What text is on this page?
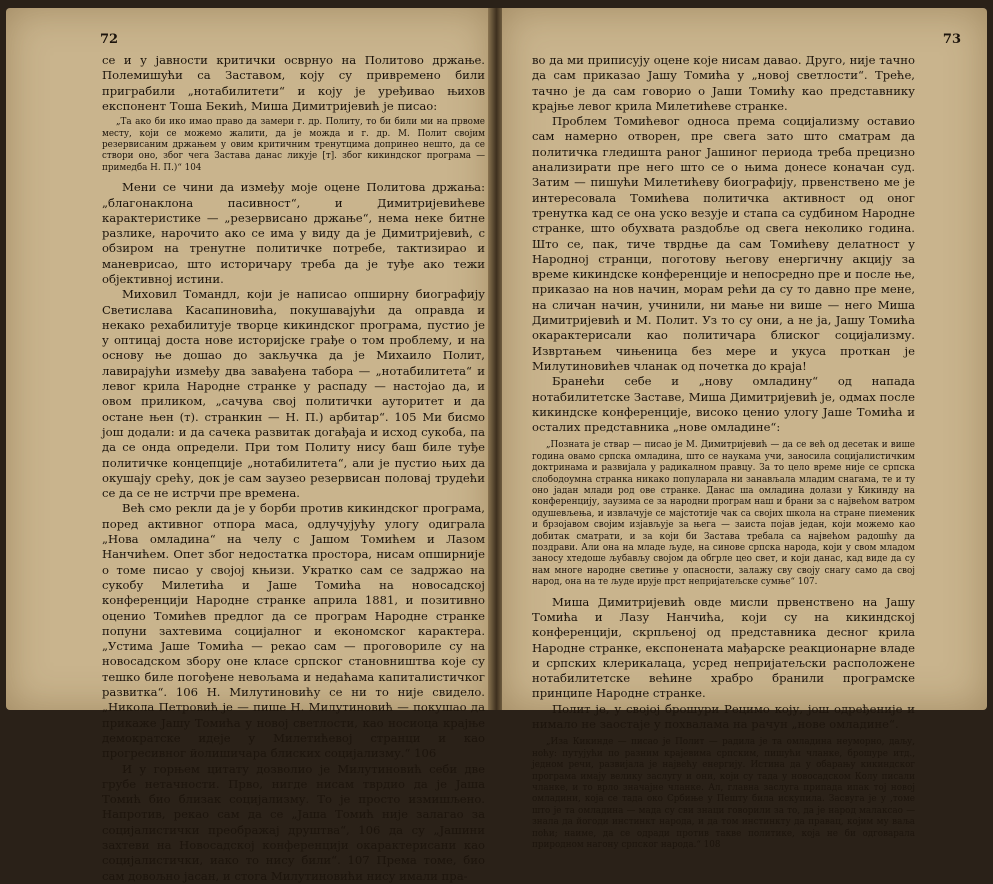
72

се и у јавности критички осврнуо на Политово држање. Полемишући са Заставом, коју су привремено били пригрaбили „нотабилитети“ и коју је уређивао њихов експонент Тоша Бекић, Миша Димитријевић је писао:

„Та ако би ико имао право да замери г. др. Политу, то би били ми на првоме месту, који се можемо жалити, да је можда и г. др. М. Полит својим резервисаним држањем у овим критичним тренутцима допринео нешто, да се створи оно, због чега Застава данас ликује [т]. због кикиндског програма — примедба Н. П.)“ 104

Мени се чини да између моје оцене Политова држања: „благонаклона пасивност“, и Димитријевићеве карактеристике — „резервисано држање“, нема неке битне разлике, нарочито ако се има у виду да је Димитријевић, с обзиром на тренутне политичке потребе, тактизирао и маневрисао, што историчару треба да је туђе ако тежи објективној истини.

Миховил Томандл, који је написао опширну биографију Светислава Касапиновића, покушавајући да оправда и некако рехабилитује творце кикиндског програма, пустио је у оптицај доста нове историјске грађе о том проблему, и на основу ње дошао до закључка да је Михаило Полит, лавирајући између два завађена табора — „нотабилитета“ и левог крила Народне странке у распаду — настојао да, и овом приликом, „сачува свој политички ауторитет и да остане њен (т). странкин — Н. П.) арбитар“. 105 Ми бисмо још додали: и да сачека развитак догађаја и исход сукоба, па да се онда определи. При том Политу нису баш биле туђе политичке концепције „нотабилитета“, али је пустио њих да окушају срећу, док је сам заузео резервисан половај трудећи се да се не истрчи пре времена.

Већ смо рекли да је у борби против кикиндског програма, поред активног отпора маса, одлучујућу улогу одиграла „Нова омладина“ на челу с Јашом Томићем и Лазом Нанчићем. Опет због недостатка простора, нисам опширније о томе писао у својој књизи. Укратко сам се задржао на сукобу Милетића и Јаше Томића на новосадској конференцији Народне странке априла 1881, и позитивно оценио Томићев предлог да се програм Народне странке попуни захтевима социјалног и економског карактера. „Устима Јаше Томића — рекао сам — проговориле су на новосадском збору оне класе српског становништва које су тешко биле погођене невољама и недаћама капиталистичког развитка“. 106 Н. Милутиновићу се ни то није свидело. „Никола Петровић је — пише Н. Милутиновић — покушао да прикаже Јашу Томића у новој светлости, као носиоца крајње демократске идеје у Милетићевој странци и као прогресивног йолишичара блиских социјализму.“ 106

И у горњем цитату дозволио је Милутиновић себи две грубе нетачности. Прво, нигде нисам тврдио да је Јаша Томић био близак социјализму. То је просто измишљено. Напротив, рекао сам да се „Јаша Томић није залагао за социјалистички преображај друштва“, 106 да су „Јашини захтеви на Новосадској конференцији окарактерисани као социјалистички, иако то нису били“. 107 Према томе, био сам довољно јасан, и стога Милутиновићи нису имали пра-

73

во да ми приписују оцене које нисам давао. Друго, није тачно да сам приказао Јашу Томића у „новој светлости“. Треће, тачно је да сам говорио о Јаши Томићу као представнику крајње левог крила Милетићеве странке.

Проблем Томићевог односа према социјализму оставио сам намерно отворен, пре свега зато што сматрам да политичка гледишта раног Јашиног периода треба прецизно анализирати пре него што се о њима донесе коначан суд. Затим — пишући Милетићеву биографију, првенствено ме је интересовала Томићева политичка активност од оног тренутка кад се она уско везује и стапа са судбином Народне странке, што обухвата раздобље од свега неколико година. Што се, пак, тиче тврдње да сам Томићеву делатност у Народној странци, поготову његову енергичну акцију за време кикиндске конференције и непосредно пре и после ње, приказао на нов начин, морам рећи да су то давно пре мене, на сличан начин, учинили, ни мање ни више — него Миша Димитријевић и М. Полит. Уз то су они, а не ја, Јашу Томића окарактерисали као политичара блиског социјализму. Извртањем чињеница без мере и укуса проткан је Милутиновићев чланак од почетка до краја!

Бранећи себе и „нову омладину“ од напада нотабилитетске Заставе, Миша Димитријевић је, одмах после кикиндске конференције, високо ценио улогу Јаше Томића и осталих представника „нове омладине“:

„Позната је ствар — писао је М. Димитријевић — да се већ од десетак и више година овамо српска омладина, што се наукама учи, заносила социјалистичким доктринама и развијала у радикалном правцу. За то цело време није се српска слободоумна странка никако популарала ни занављала младим снагама, те и ту оно јадан млади род ове странке. Данас ша омладина долази у Кикинду на конференцију, заузима се за народни програм наш и брани за с највећом ватром одушевљења, и извлачује се мајстотије чак са својих школа на стране пиеменик и брзојавом својим изјављује за њега — заиста појав један, који можемо као добитак сматрати, и за који би Застава требала са највећом радошћу да поздрави. Али она на младе људе, на синове српска народа, који у свом младом заносу хтедоше љубављу својом да обгрле цео свет, и који данас, кад виде да су нам многе народне светиње у опасности, залажу сву своју снагу само да свој народ, она на те људе ирује прст непријатељске сумње“ 107.

Миша Димитријевић овде мисли првенствено на Јашу Томића и Лазу Нанчића, који су на кикиндској конференцији, скрпљеној од представника десног крила Народне странке, експонената мађарске реакционарне владе и српских клерикалаца, усред непријатељски расположене нотабилитетске већине храбро бранили програмске принципе Народне странке.

Полит је, у својој брошури Рецимо коју, још одређеније и нимало не заостаје у похвалама на рачун „нове омладине“.

„Иза Кикинде — писао је Полит — радила је та омладина неуморно, даљу, ноћу: путујући по разним крајевима српским, пишући чланке, брошуре итд., једном речи, развијала је највећу енергију. Истина да у обарању кикиндског програма имају велику заслугу и они, који су тада у новосадском Колу писали чланке, и то врло значајне чланке. Ал, главна заслуга припада ипак тој новој омладини, која се тада око Србиње у Пешту била искупила. Засвуга је у ,томе што је та омладина — мада су сви знаци говорили за то, да је народ малаксао — знала да йогоди инстинкт народа, и да том инстинкту да правац, којим му ваља поћи; наиме, да се одради против такве политике, која не би одговарала природном нагону српског народа.“ 108
